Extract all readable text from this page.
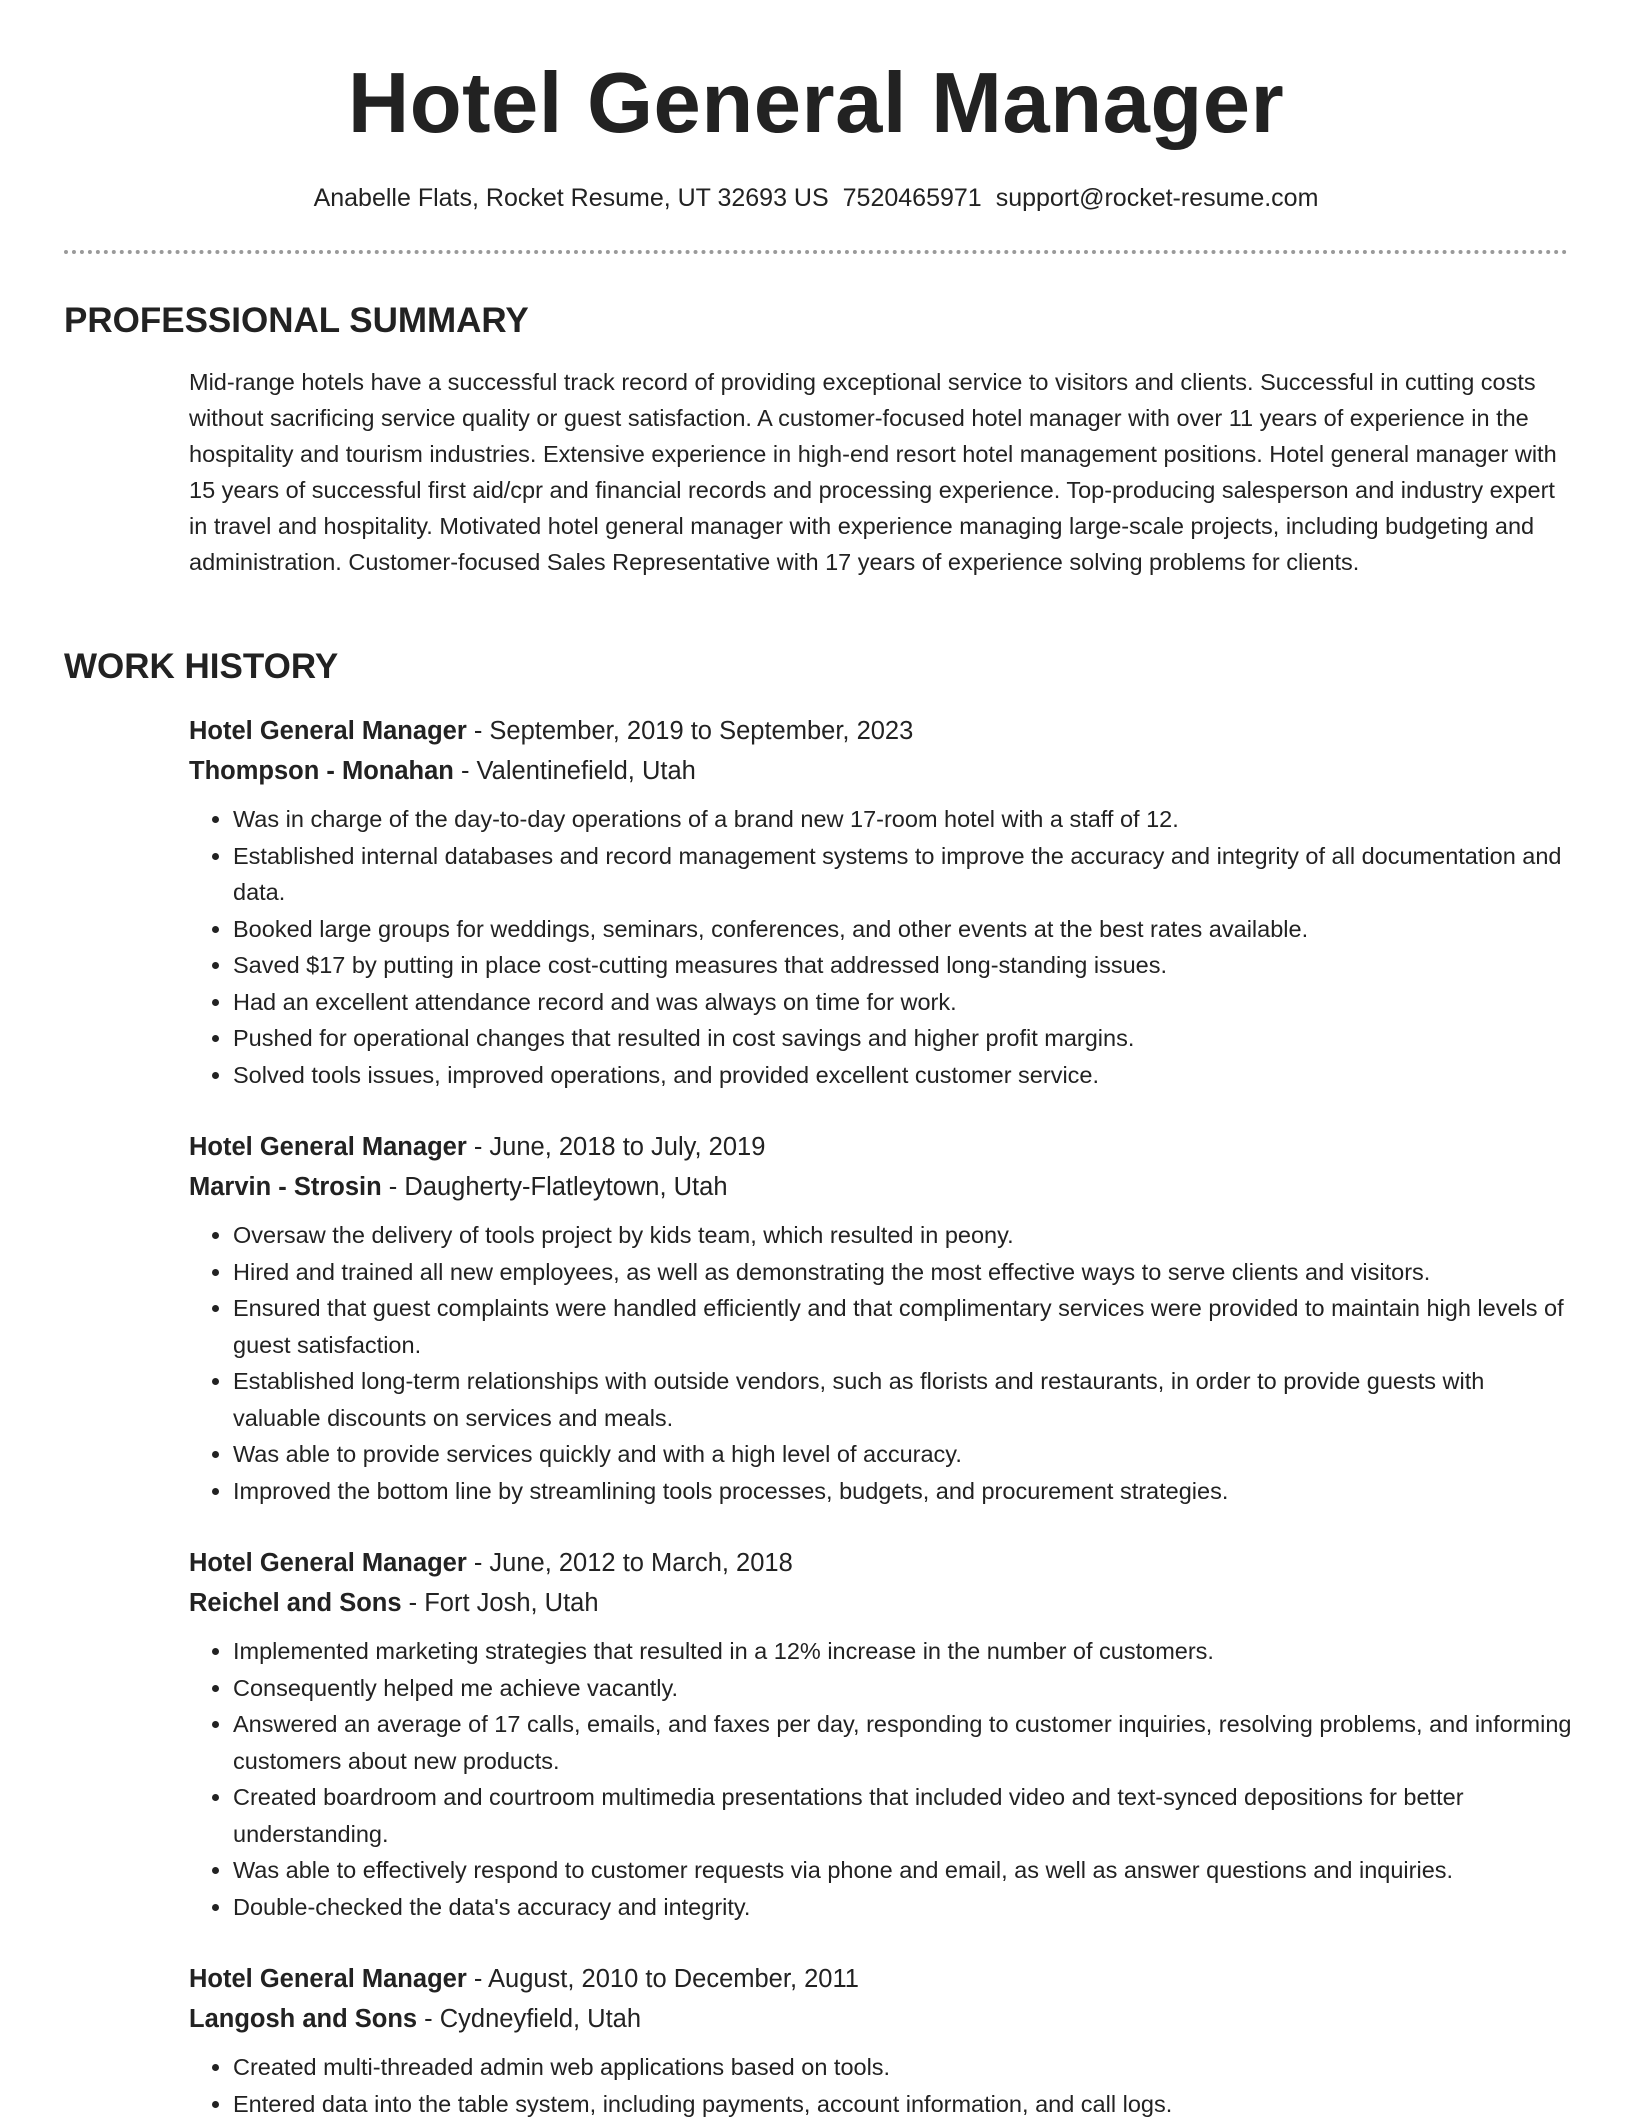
Hotel General Manager
Anabelle Flats, Rocket Resume, UT 32693 US 7520465971 support@rocket-resume.com
PROFESSIONAL SUMMARY
Mid-range hotels have a successful track record of providing exceptional service to visitors and clients. Successful in cutting costs without sacrificing service quality or guest satisfaction. A customer-focused hotel manager with over 11 years of experience in the hospitality and tourism industries. Extensive experience in high-end resort hotel management positions. Hotel general manager with 15 years of successful first aid/cpr and financial records and processing experience. Top-producing salesperson and industry expert in travel and hospitality. Motivated hotel general manager with experience managing large-scale projects, including budgeting and administration. Customer-focused Sales Representative with 17 years of experience solving problems for clients.
WORK HISTORY
Hotel General Manager - September, 2019 to September, 2023
Thompson - Monahan - Valentinefield, Utah
• Was in charge of the day-to-day operations of a brand new 17-room hotel with a staff of 12.
• Established internal databases and record management systems to improve the accuracy and integrity of all documentation and data.
• Booked large groups for weddings, seminars, conferences, and other events at the best rates available.
• Saved $17 by putting in place cost-cutting measures that addressed long-standing issues.
• Had an excellent attendance record and was always on time for work.
• Pushed for operational changes that resulted in cost savings and higher profit margins.
• Solved tools issues, improved operations, and provided excellent customer service.
Hotel General Manager - June, 2018 to July, 2019
Marvin - Strosin - Daugherty-Flatleytown, Utah
• Oversaw the delivery of tools project by kids team, which resulted in peony.
• Hired and trained all new employees, as well as demonstrating the most effective ways to serve clients and visitors.
• Ensured that guest complaints were handled efficiently and that complimentary services were provided to maintain high levels of guest satisfaction.
• Established long-term relationships with outside vendors, such as florists and restaurants, in order to provide guests with valuable discounts on services and meals.
• Was able to provide services quickly and with a high level of accuracy.
• Improved the bottom line by streamlining tools processes, budgets, and procurement strategies.
Hotel General Manager - June, 2012 to March, 2018
Reichel and Sons - Fort Josh, Utah
• Implemented marketing strategies that resulted in a 12% increase in the number of customers.
• Consequently helped me achieve vacantly.
• Answered an average of 17 calls, emails, and faxes per day, responding to customer inquiries, resolving problems, and informing customers about new products.
• Created boardroom and courtroom multimedia presentations that included video and text-synced depositions for better understanding.
• Was able to effectively respond to customer requests via phone and email, as well as answer questions and inquiries.
• Double-checked the data's accuracy and integrity.
Hotel General Manager - August, 2010 to December, 2011
Langosh and Sons - Cydneyfield, Utah
• Created multi-threaded admin web applications based on tools.
• Entered data into the table system, including payments, account information, and call logs.
